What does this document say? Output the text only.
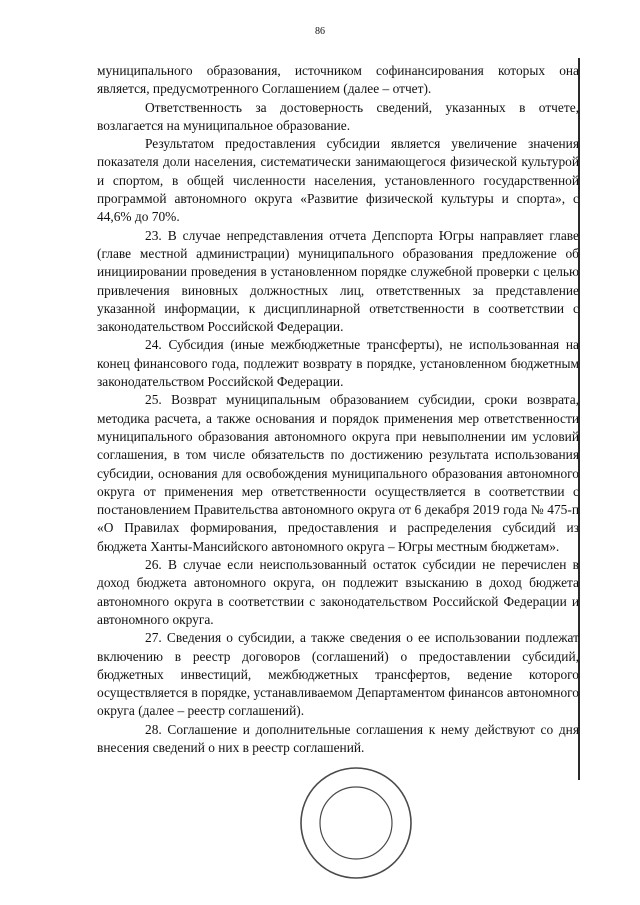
86

муниципального образования, источником софинансирования которых она является, предусмотренного Соглашением (далее – отчет).

Ответственность за достоверность сведений, указанных в отчете, возлагается на муниципальное образование.

Результатом предоставления субсидии является увеличение значения показателя доли населения, систематически занимающегося физической культурой и спортом, в общей численности населения, установленного государственной программой автономного округа «Развитие физической культуры и спорта», с 44,6% до 70%.

23. В случае непредставления отчета Депспорта Югры направляет главе (главе местной администрации) муниципального образования предложение об инициировании проведения в установленном порядке служебной проверки с целью привлечения виновных должностных лиц, ответственных за представление указанной информации, к дисциплинарной ответственности в соответствии с законодательством Российской Федерации.

24. Субсидия (иные межбюджетные трансферты), не использованная на конец финансового года, подлежит возврату в порядке, установленном бюджетным законодательством Российской Федерации.

25. Возврат муниципальным образованием субсидии, сроки возврата, методика расчета, а также основания и порядок применения мер ответственности муниципального образования автономного округа при невыполнении им условий соглашения, в том числе обязательств по достижению результата использования субсидии, основания для освобождения муниципального образования автономного округа от применения мер ответственности осуществляется в соответствии с постановлением Правительства автономного округа от 6 декабря 2019 года № 475-п «О Правилах формирования, предоставления и распределения субсидий из бюджета Ханты-Мансийского автономного округа – Югры местным бюджетам».

26. В случае если неиспользованный остаток субсидии не перечислен в доход бюджета автономного округа, он подлежит взысканию в доход бюджета автономного округа в соответствии с законодательством Российской Федерации и автономного округа.

27. Сведения о субсидии, а также сведения о ее использовании подлежат включению в реестр договоров (соглашений) о предоставлении субсидий, бюджетных инвестиций, межбюджетных трансфертов, ведение которого осуществляется в порядке, устанавливаемом Департаментом финансов автономного округа (далее – реестр соглашений).

28. Соглашение и дополнительные соглашения к нему действуют со дня внесения сведений о них в реестр соглашений.
